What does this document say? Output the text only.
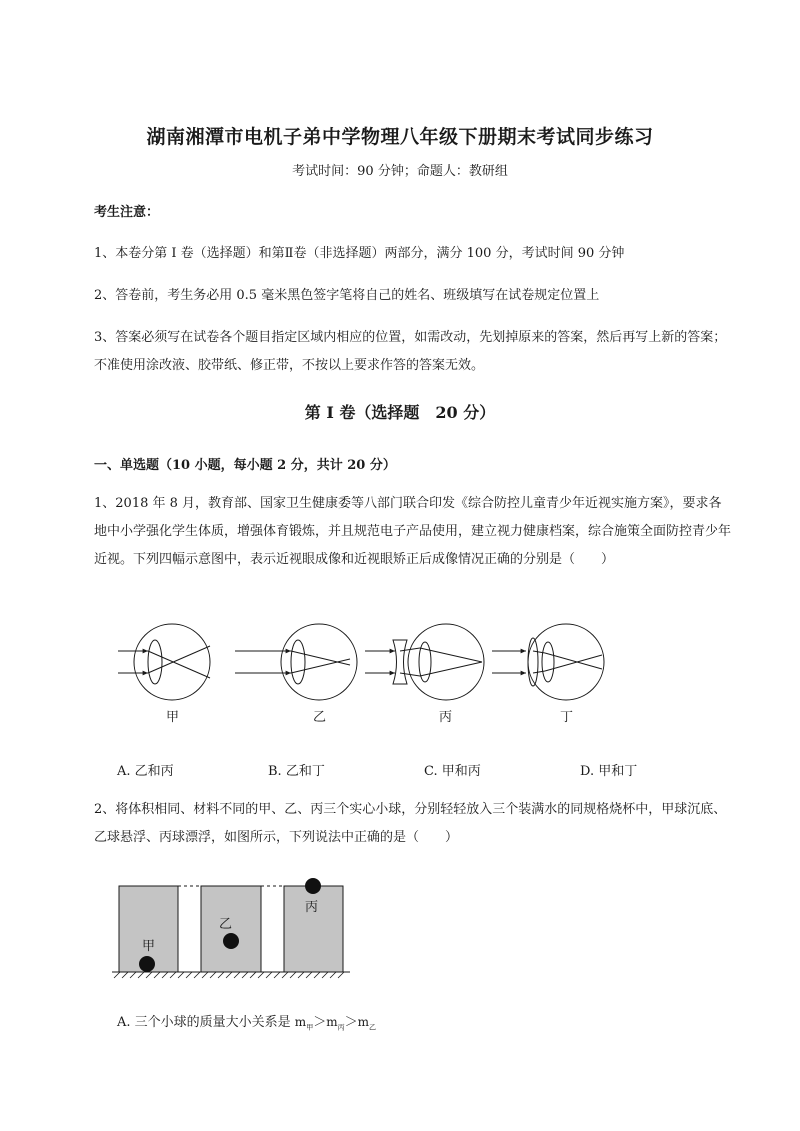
湖南湘潭市电机子弟中学物理八年级下册期末考试同步练习
考试时间：90 分钟；命题人：教研组
考生注意：
1、本卷分第 I 卷（选择题）和第Ⅱ卷（非选择题）两部分，满分 100 分，考试时间 90 分钟
2、答卷前，考生务必用 0.5 毫米黑色签字笔将自己的姓名、班级填写在试卷规定位置上
3、答案必须写在试卷各个题目指定区域内相应的位置，如需改动，先划掉原来的答案，然后再写上新的答案；不准使用涂改液、胶带纸、修正带，不按以上要求作答的答案无效。
第 I 卷（选择题　20 分）
一、单选题（10 小题，每小题 2 分，共计 20 分）
1、2018 年 8 月，教育部、国家卫生健康委等八部门联合印发《综合防控儿童青少年近视实施方案》，要求各地中小学强化学生体质，增强体育锻炼，并且规范电子产品使用，建立视力健康档案，综合施策全面防控青少年近视。下列四幅示意图中，表示近视眼成像和近视眼矫正后成像情况正确的分别是（　　）
甲	乙	丙	丁
A. 乙和丙	B. 乙和丁	C. 甲和丙	D. 甲和丁
2、将体积相同、材料不同的甲、乙、丙三个实心小球，分别轻轻放入三个装满水的同规格烧杯中，甲球沉底、乙球悬浮、丙球漂浮，如图所示，下列说法中正确的是（　　）
甲
乙
丙
A. 三个小球的质量大小关系是 $m_甲>m_丙>m_乙$
